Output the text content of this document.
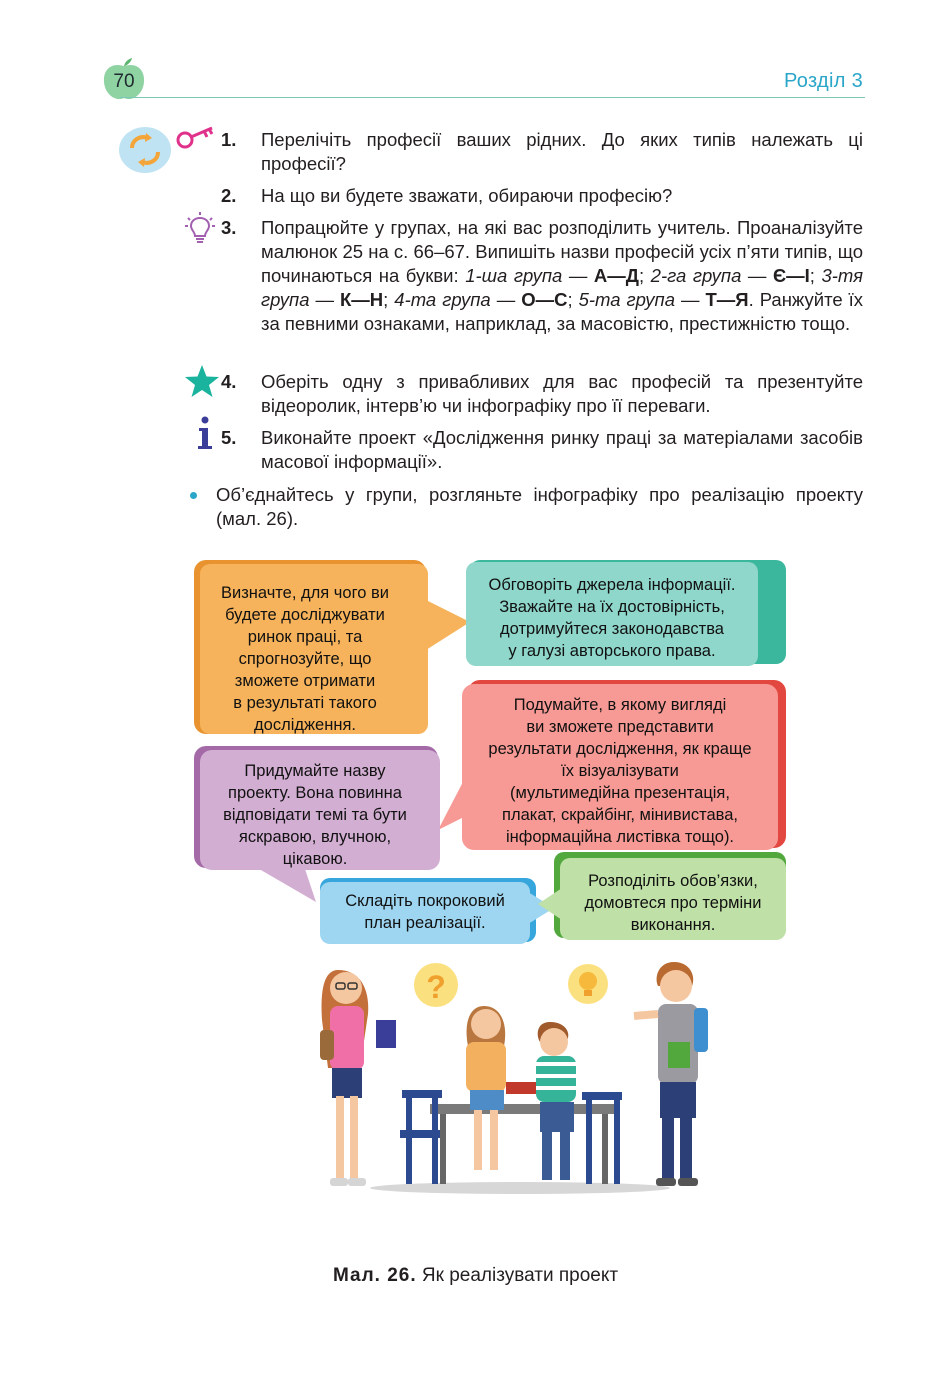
70	Розділ 3
1. Перелічіть професії ваших рідних. До яких типів належать ці професії?
2. На що ви будете зважати, обираючи професію?
3. Попрацюйте у групах, на які вас розподілить учитель. Проаналізуйте малюнок 25 на с. 66–67. Випишіть назви професій усіх п’яти типів, що починаються на букви: 1-ша група — А—Д; 2-га група — Є—І; 3-тя група — К—Н; 4-та група — О—С; 5-та група — Т—Я. Ранжуйте їх за певними ознаками, наприклад, за масовістю, престижністю тощо.
4. Оберіть одну з привабливих для вас професій та презентуйте відеоролик, інтерв’ю чи інфографіку про її переваги.
5. Виконайте проект «Дослідження ринку праці за матеріалами засобів масової інформації».
Об’єднайтесь у групи, розгляньте інфографіку про реалізацію проекту (мал. 26).
Визначте, для чого ви
будете досліджувати
ринок праці, та
спрогнозуйте, що
зможете отримати
в результаті такого
дослідження.
Обговоріть джерела інформації.
Зважайте на їх достовірність,
дотримуйтеся законодавства
у галузі авторського права.
Подумайте, в якому вигляді
ви зможете представити
результати дослідження, як краще
їх візуалізувати
(мультимедійна презентація,
плакат, скрайбінг, мінивистава,
інформаційна листівка тощо).
Придумайте назву
проекту. Вона повинна
відповідати темі та бути
яскравою, влучною,
цікавою.
Складіть покроковий
план реалізації.
Розподіліть обов’язки,
домовтеся про терміни
виконання.
?
Мал. 26. Як реалізувати проект
